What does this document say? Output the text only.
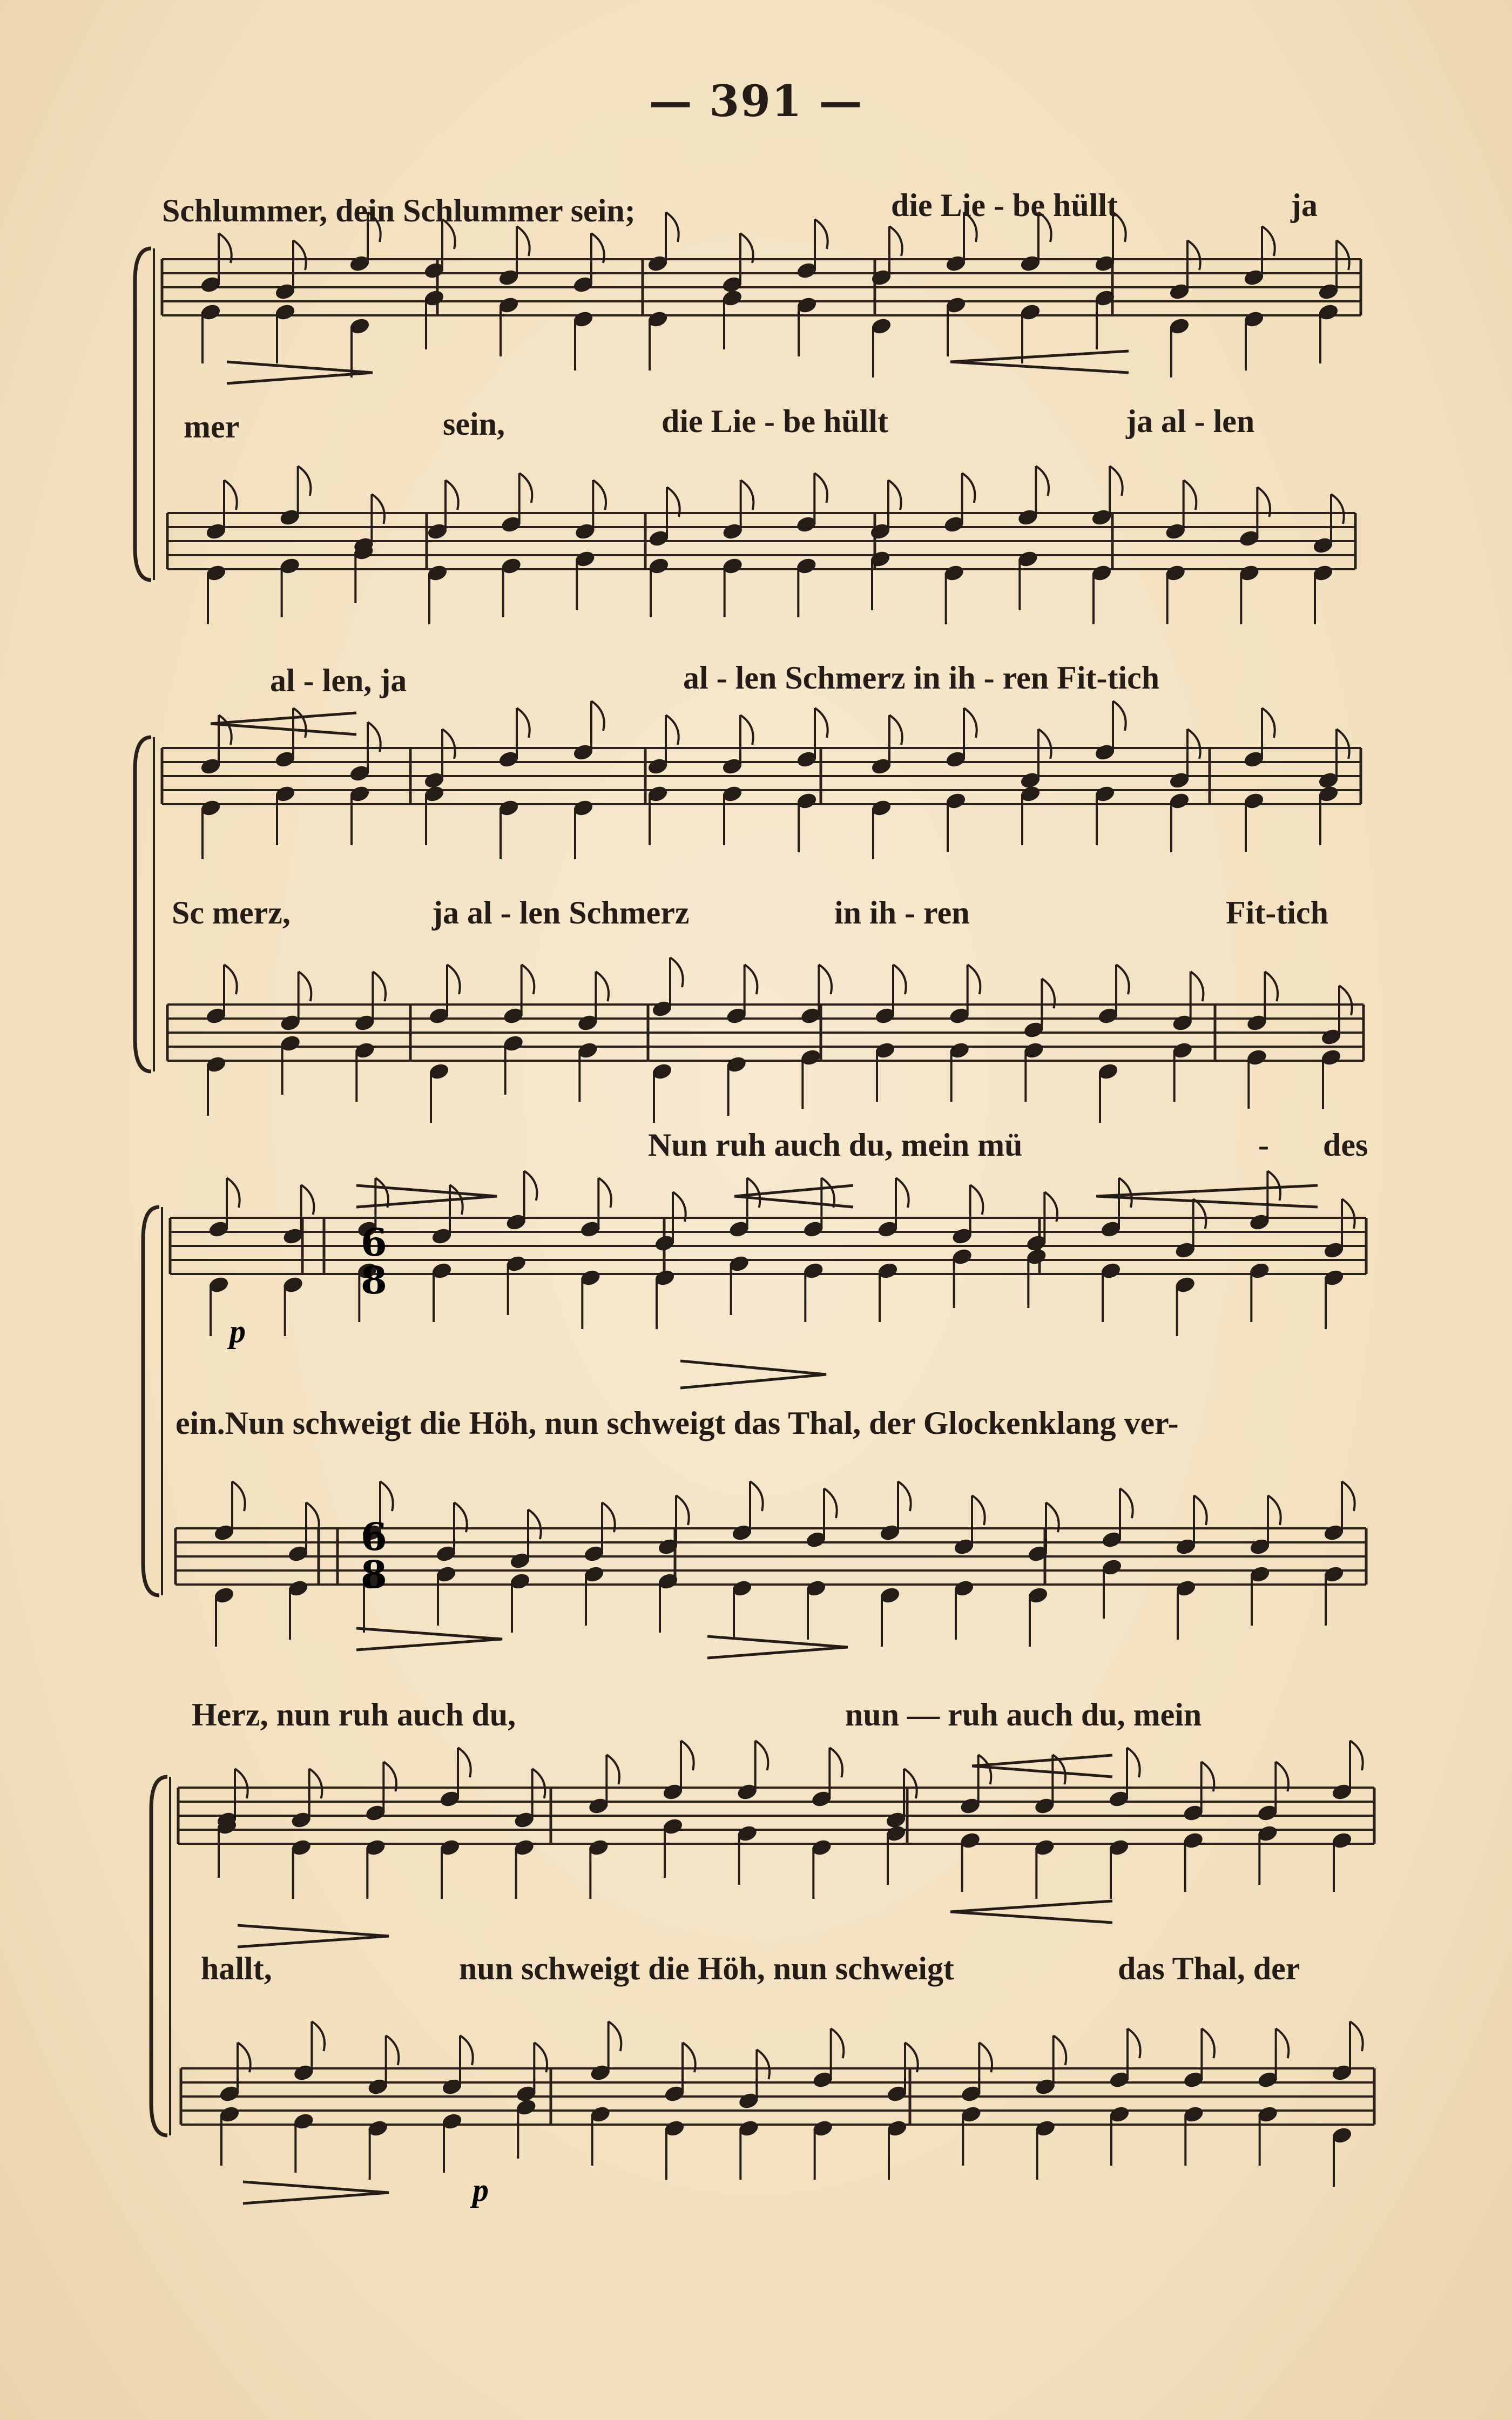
— 391 —
Schlummer, dein Schlummer sein;	die Lie - be hüllt	ja
mer	sein,	die Lie - be hüllt	ja al - len
al - len, ja	al - len Schmerz in ih - ren Fit-tich
Sc merz,	ja al - len Schmerz	in ih - ren	Fit-tich
Nun ruh auch du, mein mü	- des
ein.Nun schweigt die Höh, nun schweigt das Thal, der Glockenklang ver-
Herz, nun ruh auch du,	nun — ruh auch du, mein
hallt,	nun schweigt die Höh, nun schweigt	das Thal, der
6
8
6
8
p
p
